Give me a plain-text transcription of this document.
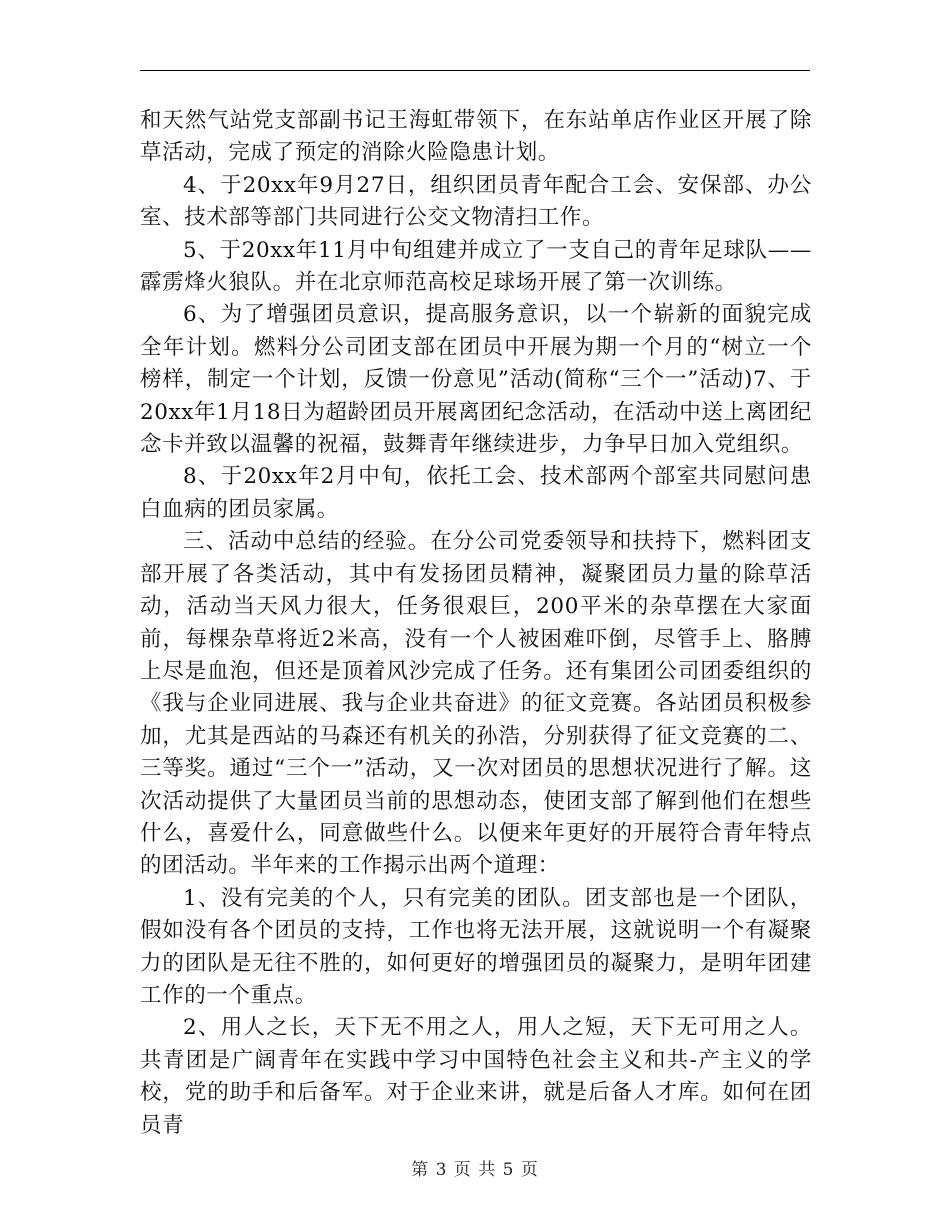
和天然气站党支部副书记王海虹带领下，在东站单店作业区开展了除草活动，完成了预定的消除火险隐患计划。

4、于20xx年9月27日，组织团员青年配合工会、安保部、办公室、技术部等部门共同进行公交文物清扫工作。

5、于20xx年11月中旬组建并成立了一支自己的青年足球队——霹雳烽火狼队。并在北京师范高校足球场开展了第一次训练。

6、为了增强团员意识，提高服务意识，以一个崭新的面貌完成全年计划。燃料分公司团支部在团员中开展为期一个月的“树立一个榜样，制定一个计划，反馈一份意见”活动(简称“三个一”活动)7、于20xx年1月18日为超龄团员开展离团纪念活动，在活动中送上离团纪念卡并致以温馨的祝福，鼓舞青年继续进步，力争早日加入党组织。

8、于20xx年2月中旬，依托工会、技术部两个部室共同慰问患白血病的团员家属。

三、活动中总结的经验。在分公司党委领导和扶持下，燃料团支部开展了各类活动，其中有发扬团员精神，凝聚团员力量的除草活动，活动当天风力很大，任务很艰巨，200平米的杂草摆在大家面前，每棵杂草将近2米高，没有一个人被困难吓倒，尽管手上、胳膊上尽是血泡，但还是顶着风沙完成了任务。还有集团公司团委组织的《我与企业同进展、我与企业共奋进》的征文竞赛。各站团员积极参加，尤其是西站的马森还有机关的孙浩，分别获得了征文竞赛的二、三等奖。通过“三个一”活动，又一次对团员的思想状况进行了解。这次活动提供了大量团员当前的思想动态，使团支部了解到他们在想些什么，喜爱什么，同意做些什么。以便来年更好的开展符合青年特点的团活动。半年来的工作揭示出两个道理：

1、没有完美的个人，只有完美的团队。团支部也是一个团队，假如没有各个团员的支持，工作也将无法开展，这就说明一个有凝聚力的团队是无往不胜的，如何更好的增强团员的凝聚力，是明年团建工作的一个重点。

2、用人之长，天下无不用之人，用人之短，天下无可用之人。共青团是广阔青年在实践中学习中国特色社会主义和共-产主义的学校，党的助手和后备军。对于企业来讲，就是后备人才库。如何在团员青

第 3 页 共 5 页
